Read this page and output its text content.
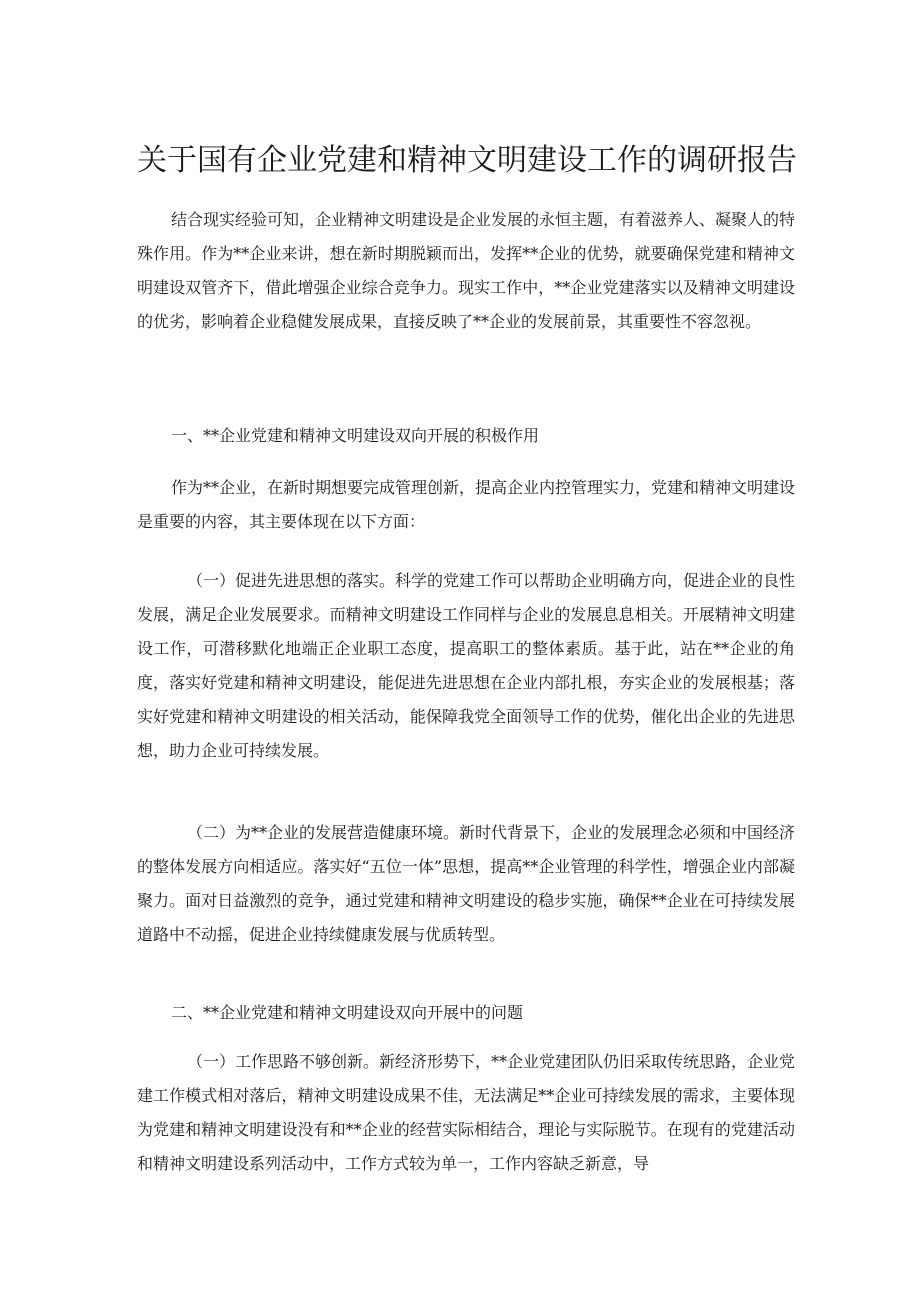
关于国有企业党建和精神文明建设工作的调研报告

结合现实经验可知，企业精神文明建设是企业发展的永恒主题，有着滋养人、凝聚人的特殊作用。作为**企业来讲，想在新时期脱颖而出，发挥**企业的优势，就要确保党建和精神文明建设双管齐下，借此增强企业综合竞争力。现实工作中，**企业党建落实以及精神文明建设的优劣，影响着企业稳健发展成果，直接反映了**企业的发展前景，其重要性不容忽视。

一、**企业党建和精神文明建设双向开展的积极作用

作为**企业，在新时期想要完成管理创新，提高企业内控管理实力，党建和精神文明建设是重要的内容，其主要体现在以下方面：

（一）促进先进思想的落实。科学的党建工作可以帮助企业明确方向，促进企业的良性发展，满足企业发展要求。而精神文明建设工作同样与企业的发展息息相关。开展精神文明建设工作，可潜移默化地端正企业职工态度，提高职工的整体素质。基于此，站在**企业的角度，落实好党建和精神文明建设，能促进先进思想在企业内部扎根，夯实企业的发展根基；落实好党建和精神文明建设的相关活动，能保障我党全面领导工作的优势，催化出企业的先进思想，助力企业可持续发展。

（二）为**企业的发展营造健康环境。新时代背景下，企业的发展理念必须和中国经济的整体发展方向相适应。落实好“五位一体”思想，提高**企业管理的科学性，增强企业内部凝聚力。面对日益激烈的竞争，通过党建和精神文明建设的稳步实施，确保**企业在可持续发展道路中不动摇，促进企业持续健康发展与优质转型。

二、**企业党建和精神文明建设双向开展中的问题

（一）工作思路不够创新。新经济形势下，**企业党建团队仍旧采取传统思路，企业党建工作模式相对落后，精神文明建设成果不佳，无法满足**企业可持续发展的需求，主要体现为党建和精神文明建设没有和**企业的经营实际相结合，理论与实际脱节。在现有的党建活动和精神文明建设系列活动中，工作方式较为单一，工作内容缺乏新意，导
